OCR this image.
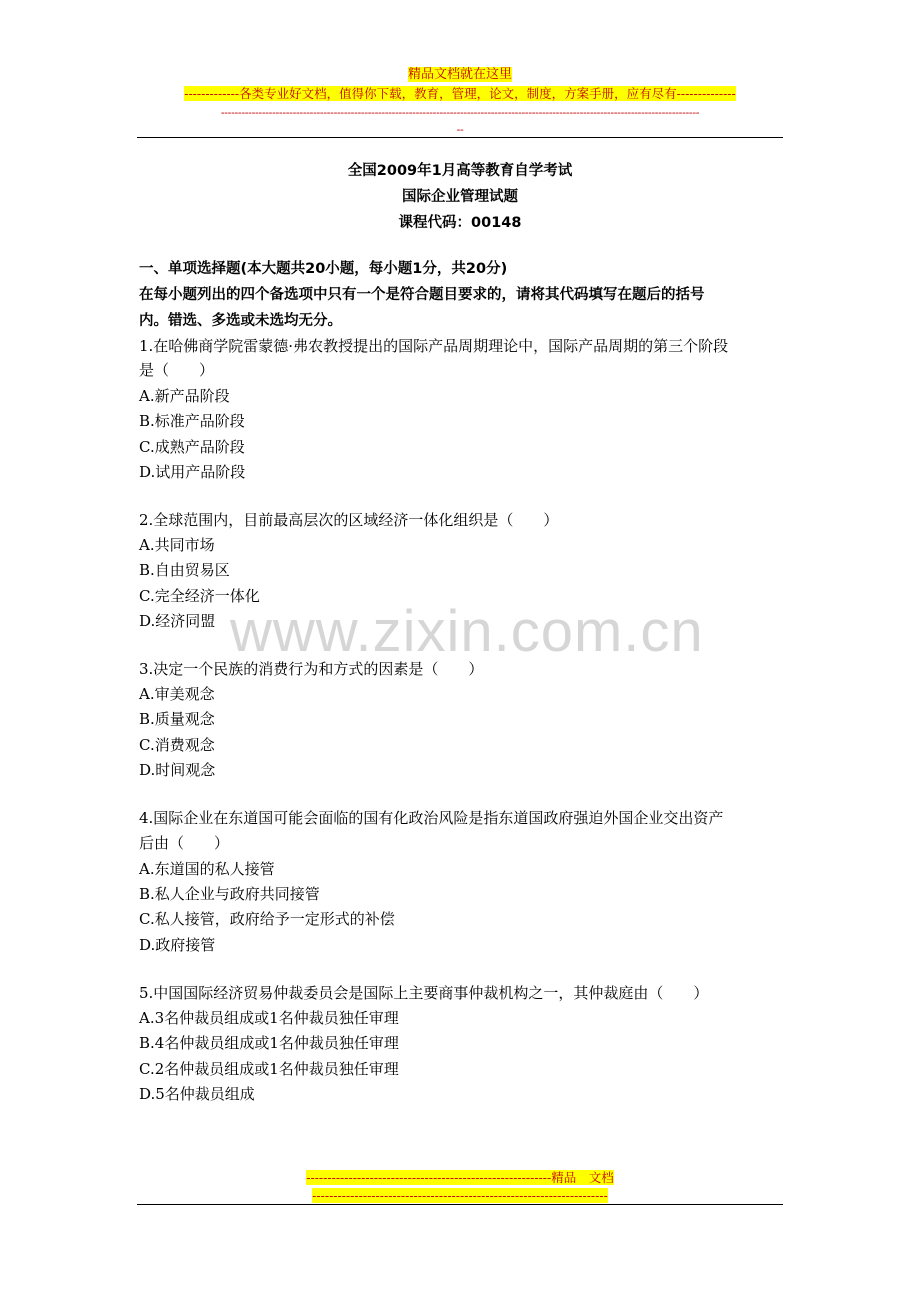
精品文档就在这里
-------------各类专业好文档，值得你下载，教育，管理，论文，制度，方案手册，应有尽有--------------
--------------------------------------------------------------------------------------------------------------------------------------------
--
全国2009年1月高等教育自学考试
国际企业管理试题
课程代码：00148
一、单项选择题(本大题共20小题，每小题1分，共20分)
在每小题列出的四个备选项中只有一个是符合题目要求的，请将其代码填写在题后的括号
内。错选、多选或未选均无分。
1.在哈佛商学院雷蒙德·弗农教授提出的国际产品周期理论中，国际产品周期的第三个阶段
是（　　）
A.新产品阶段
B.标准产品阶段
C.成熟产品阶段
D.试用产品阶段
2.全球范围内，目前最高层次的区域经济一体化组织是（　　）
A.共同市场
B.自由贸易区
C.完全经济一体化
D.经济同盟 www.zixin.com.cn
3.决定一个民族的消费行为和方式的因素是（　　）
A.审美观念
B.质量观念
C.消费观念
D.时间观念
4.国际企业在东道国可能会面临的国有化政治风险是指东道国政府强迫外国企业交出资产
后由（　　）
A.东道国的私人接管
B.私人企业与政府共同接管
C.私人接管，政府给予一定形式的补偿
D.政府接管
5.中国国际经济贸易仲裁委员会是国际上主要商事仲裁机构之一，其仲裁庭由（　　）
A.3名仲裁员组成或1名仲裁员独任审理
B.4名仲裁员组成或1名仲裁员独任审理
C.2名仲裁员组成或1名仲裁员独任审理
D.5名仲裁员组成
----------------------------------------------------------精品　文档
----------------------------------------------------------------------
